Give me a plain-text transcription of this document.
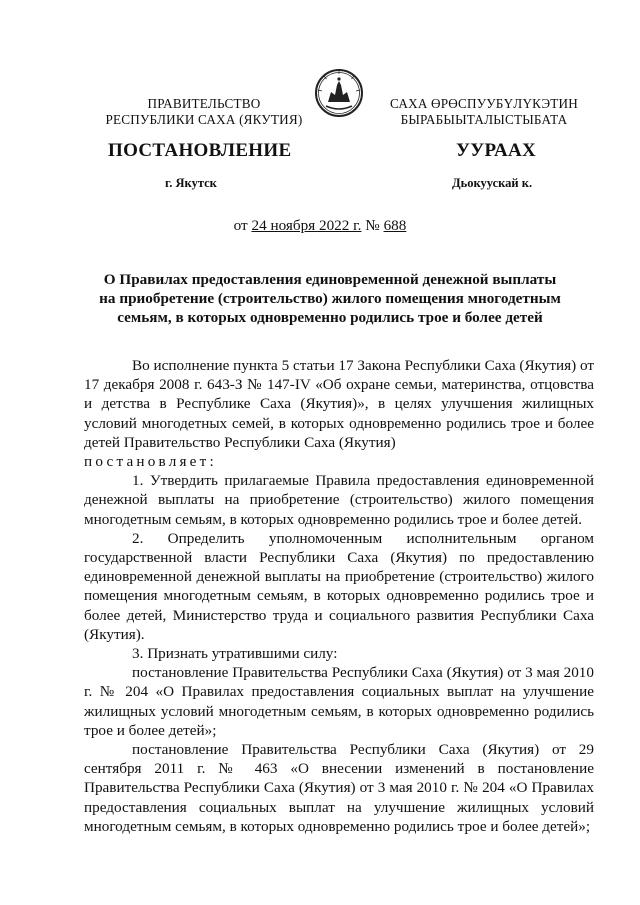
ПРАВИТЕЛЬСТВО
РЕСПУБЛИКИ САХА (ЯКУТИЯ)
САХА ӨРӨСПУУБҮЛҮКЭТИН
БЫРАБЫЫТАЛЫСТЫБАТА
ПОСТАНОВЛЕНИЕ	УУРААХ
г. Якутск	Дьокуускай к.
от 24 ноября 2022 г. № 688
О Правилах предоставления единовременной денежной выплаты
на приобретение (строительство) жилого помещения многодетным
семьям, в которых одновременно родились трое и более детей

Во исполнение пункта 5 статьи 17 Закона Республики Саха (Якутия) от 17 декабря 2008 г. 643-З № 147-IV «Об охране семьи, материнства, отцовства и детства в Республике Саха (Якутия)», в целях улучшения жилищных условий многодетных семей, в которых одновременно родились трое и более детей Правительство Республики Саха (Якутия)

постановляет:

1. Утвердить прилагаемые Правила предоставления единовременной денежной выплаты на приобретение (строительство) жилого помещения многодетным семьям, в которых одновременно родились трое и более детей.

2. Определить уполномоченным исполнительным органом государственной власти Республики Саха (Якутия) по предоставлению единовременной денежной выплаты на приобретение (строительство) жилого помещения многодетным семьям, в которых одновременно родились трое и более детей, Министерство труда и социального развития Республики Саха (Якутия).

3. Признать утратившими силу:

постановление Правительства Республики Саха (Якутия) от 3 мая 2010 г. № 204 «О Правилах предоставления социальных выплат на улучшение жилищных условий многодетным семьям, в которых одновременно родились трое и более детей»;

постановление Правительства Республики Саха (Якутия) от 29 сентября 2011 г. № 463 «О внесении изменений в постановление Правительства Республики Саха (Якутия) от 3 мая 2010 г. № 204 «О Правилах предоставления социальных выплат на улучшение жилищных условий многодетным семьям, в которых одновременно родились трое и более детей»;
